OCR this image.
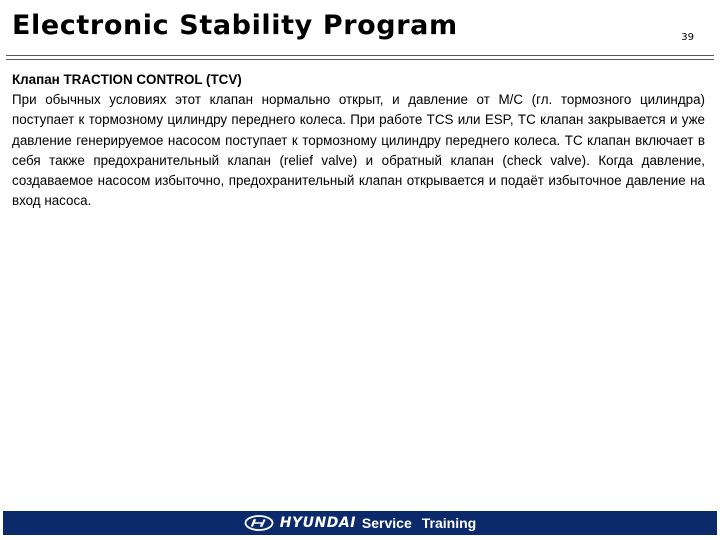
Electronic Stability Program	39

Клапан TRACTION CONTROL (TCV)

При обычных условиях этот клапан нормально открыт, и давление от М/С (гл. тормозного цилиндра) поступает к тормозному цилиндру переднего колеса. При работе TCS или ESP, ТС клапан закрывается и уже давление генерируемое насосом поступает к тормозному цилиндру переднего колеса. ТС клапан включает в себя также предохранительный клапан (relief valve) и обратный клапан (check valve). Когда давление, создаваемое насосом избыточно, предохранительный клапан открывается и подаёт избыточное давление на вход насоса.

HYUNDAI Service Training
